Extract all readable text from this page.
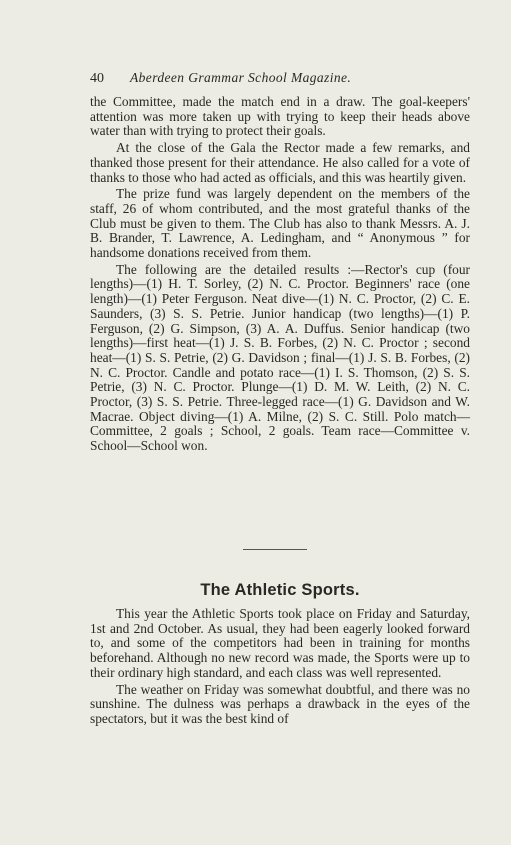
40 Aberdeen Grammar School Magazine.

the Committee, made the match end in a draw. The goal-keepers' attention was more taken up with trying to keep their heads above water than with trying to protect their goals.

At the close of the Gala the Rector made a few remarks, and thanked those present for their attendance. He also called for a vote of thanks to those who had acted as officials, and this was heartily given.

The prize fund was largely dependent on the members of the staff, 26 of whom contributed, and the most grateful thanks of the Club must be given to them. The Club has also to thank Messrs. A. J. B. Brander, T. Lawrence, A. Ledingham, and “ Anonymous ” for handsome donations received from them.

The following are the detailed results :—Rector's cup (four lengths)—(1) H. T. Sorley, (2) N. C. Proctor. Beginners' race (one length)—(1) Peter Ferguson. Neat dive—(1) N. C. Proctor, (2) C. E. Saunders, (3) S. S. Petrie. Junior handicap (two lengths)—(1) P. Ferguson, (2) G. Simpson, (3) A. A. Duffus. Senior handicap (two lengths)—first heat—(1) J. S. B. Forbes, (2) N. C. Proctor ; second heat—(1) S. S. Petrie, (2) G. Davidson ; final—(1) J. S. B. Forbes, (2) N. C. Proctor. Candle and potato race—(1) I. S. Thomson, (2) S. S. Petrie, (3) N. C. Proctor. Plunge—(1) D. M. W. Leith, (2) N. C. Proctor, (3) S. S. Petrie. Three-legged race—(1) G. Davidson and W. Macrae. Object diving—(1) A. Milne, (2) S. C. Still. Polo match—Committee, 2 goals ; School, 2 goals. Team race—Committee v. School—School won.

The Athletic Sports.

This year the Athletic Sports took place on Friday and Saturday, 1st and 2nd October. As usual, they had been eagerly looked forward to, and some of the competitors had been in training for months beforehand. Although no new record was made, the Sports were up to their ordinary high standard, and each class was well represented.

The weather on Friday was somewhat doubtful, and there was no sunshine. The dulness was perhaps a drawback in the eyes of the spectators, but it was the best kind of
